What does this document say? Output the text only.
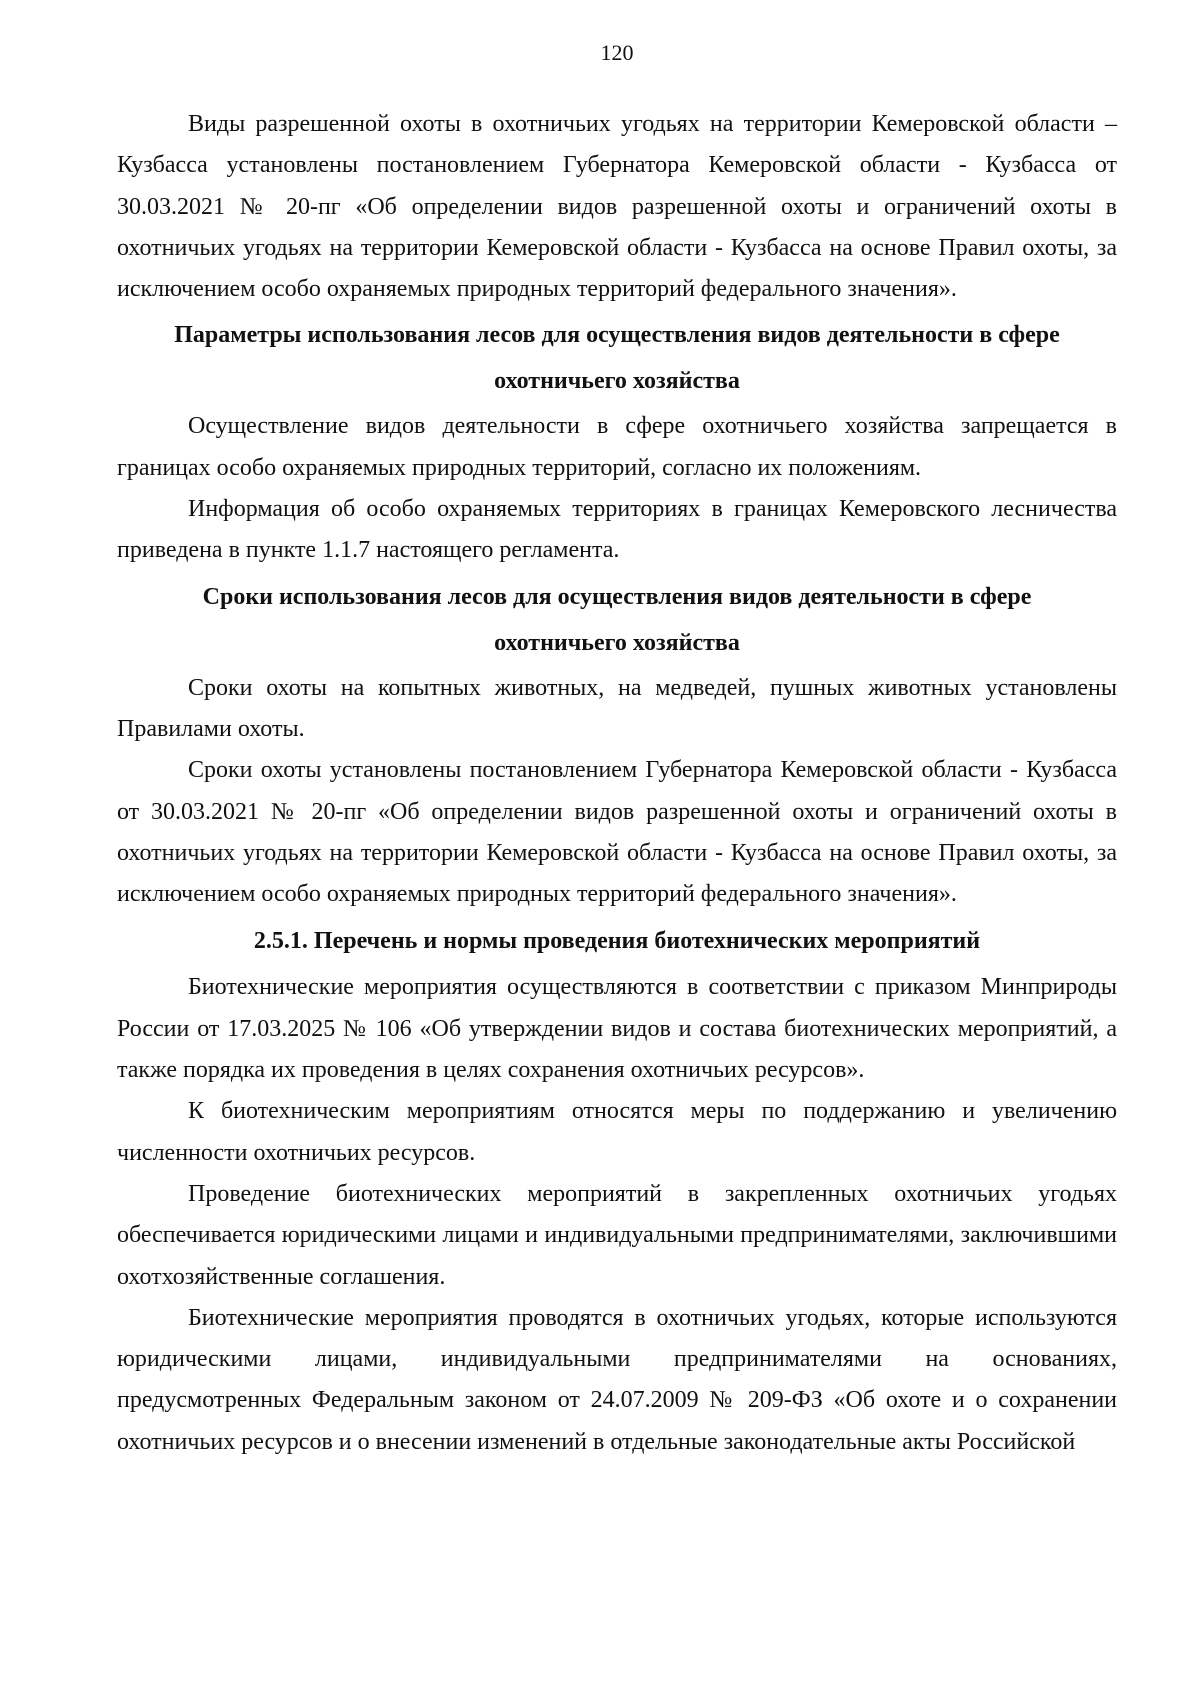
120

Виды разрешенной охоты в охотничьих угодьях на территории Кемеровской области – Кузбасса установлены постановлением Губернатора Кемеровской области - Кузбасса от 30.03.2021 № 20-пг «Об определении видов разрешенной охоты и ограничений охоты в охотничьих угодьях на территории Кемеровской области - Кузбасса на основе Правил охоты, за исключением особо охраняемых природных территорий федерального значения».

Параметры использования лесов для осуществления видов деятельности в сфере
охотничьего хозяйства

Осуществление видов деятельности в сфере охотничьего хозяйства запрещается в границах особо охраняемых природных территорий, согласно их положениям.

Информация об особо охраняемых территориях в границах Кемеровского лесничества приведена в пункте 1.1.7 настоящего регламента.

Сроки использования лесов для осуществления видов деятельности в сфере
охотничьего хозяйства

Сроки охоты на копытных животных, на медведей, пушных животных установлены Правилами охоты.

Сроки охоты установлены постановлением Губернатора Кемеровской области - Кузбасса от 30.03.2021 № 20-пг «Об определении видов разрешенной охоты и ограничений охоты в охотничьих угодьях на территории Кемеровской области - Кузбасса на основе Правил охоты, за исключением особо охраняемых природных территорий федерального значения».

2.5.1. Перечень и нормы проведения биотехнических мероприятий

Биотехнические мероприятия осуществляются в соответствии с приказом Минприроды России от 17.03.2025 № 106 «Об утверждении видов и состава биотехнических мероприятий, а также порядка их проведения в целях сохранения охотничьих ресурсов».

К биотехническим мероприятиям относятся меры по поддержанию и увеличению численности охотничьих ресурсов.

Проведение биотехнических мероприятий в закрепленных охотничьих угодьях обеспечивается юридическими лицами и индивидуальными предпринимателями, заключившими охотхозяйственные соглашения.

Биотехнические мероприятия проводятся в охотничьих угодьях, которые используются юридическими лицами, индивидуальными предпринимателями на основаниях, предусмотренных Федеральным законом от 24.07.2009 № 209-ФЗ «Об охоте и о сохранении охотничьих ресурсов и о внесении изменений в отдельные законодательные акты Российской
